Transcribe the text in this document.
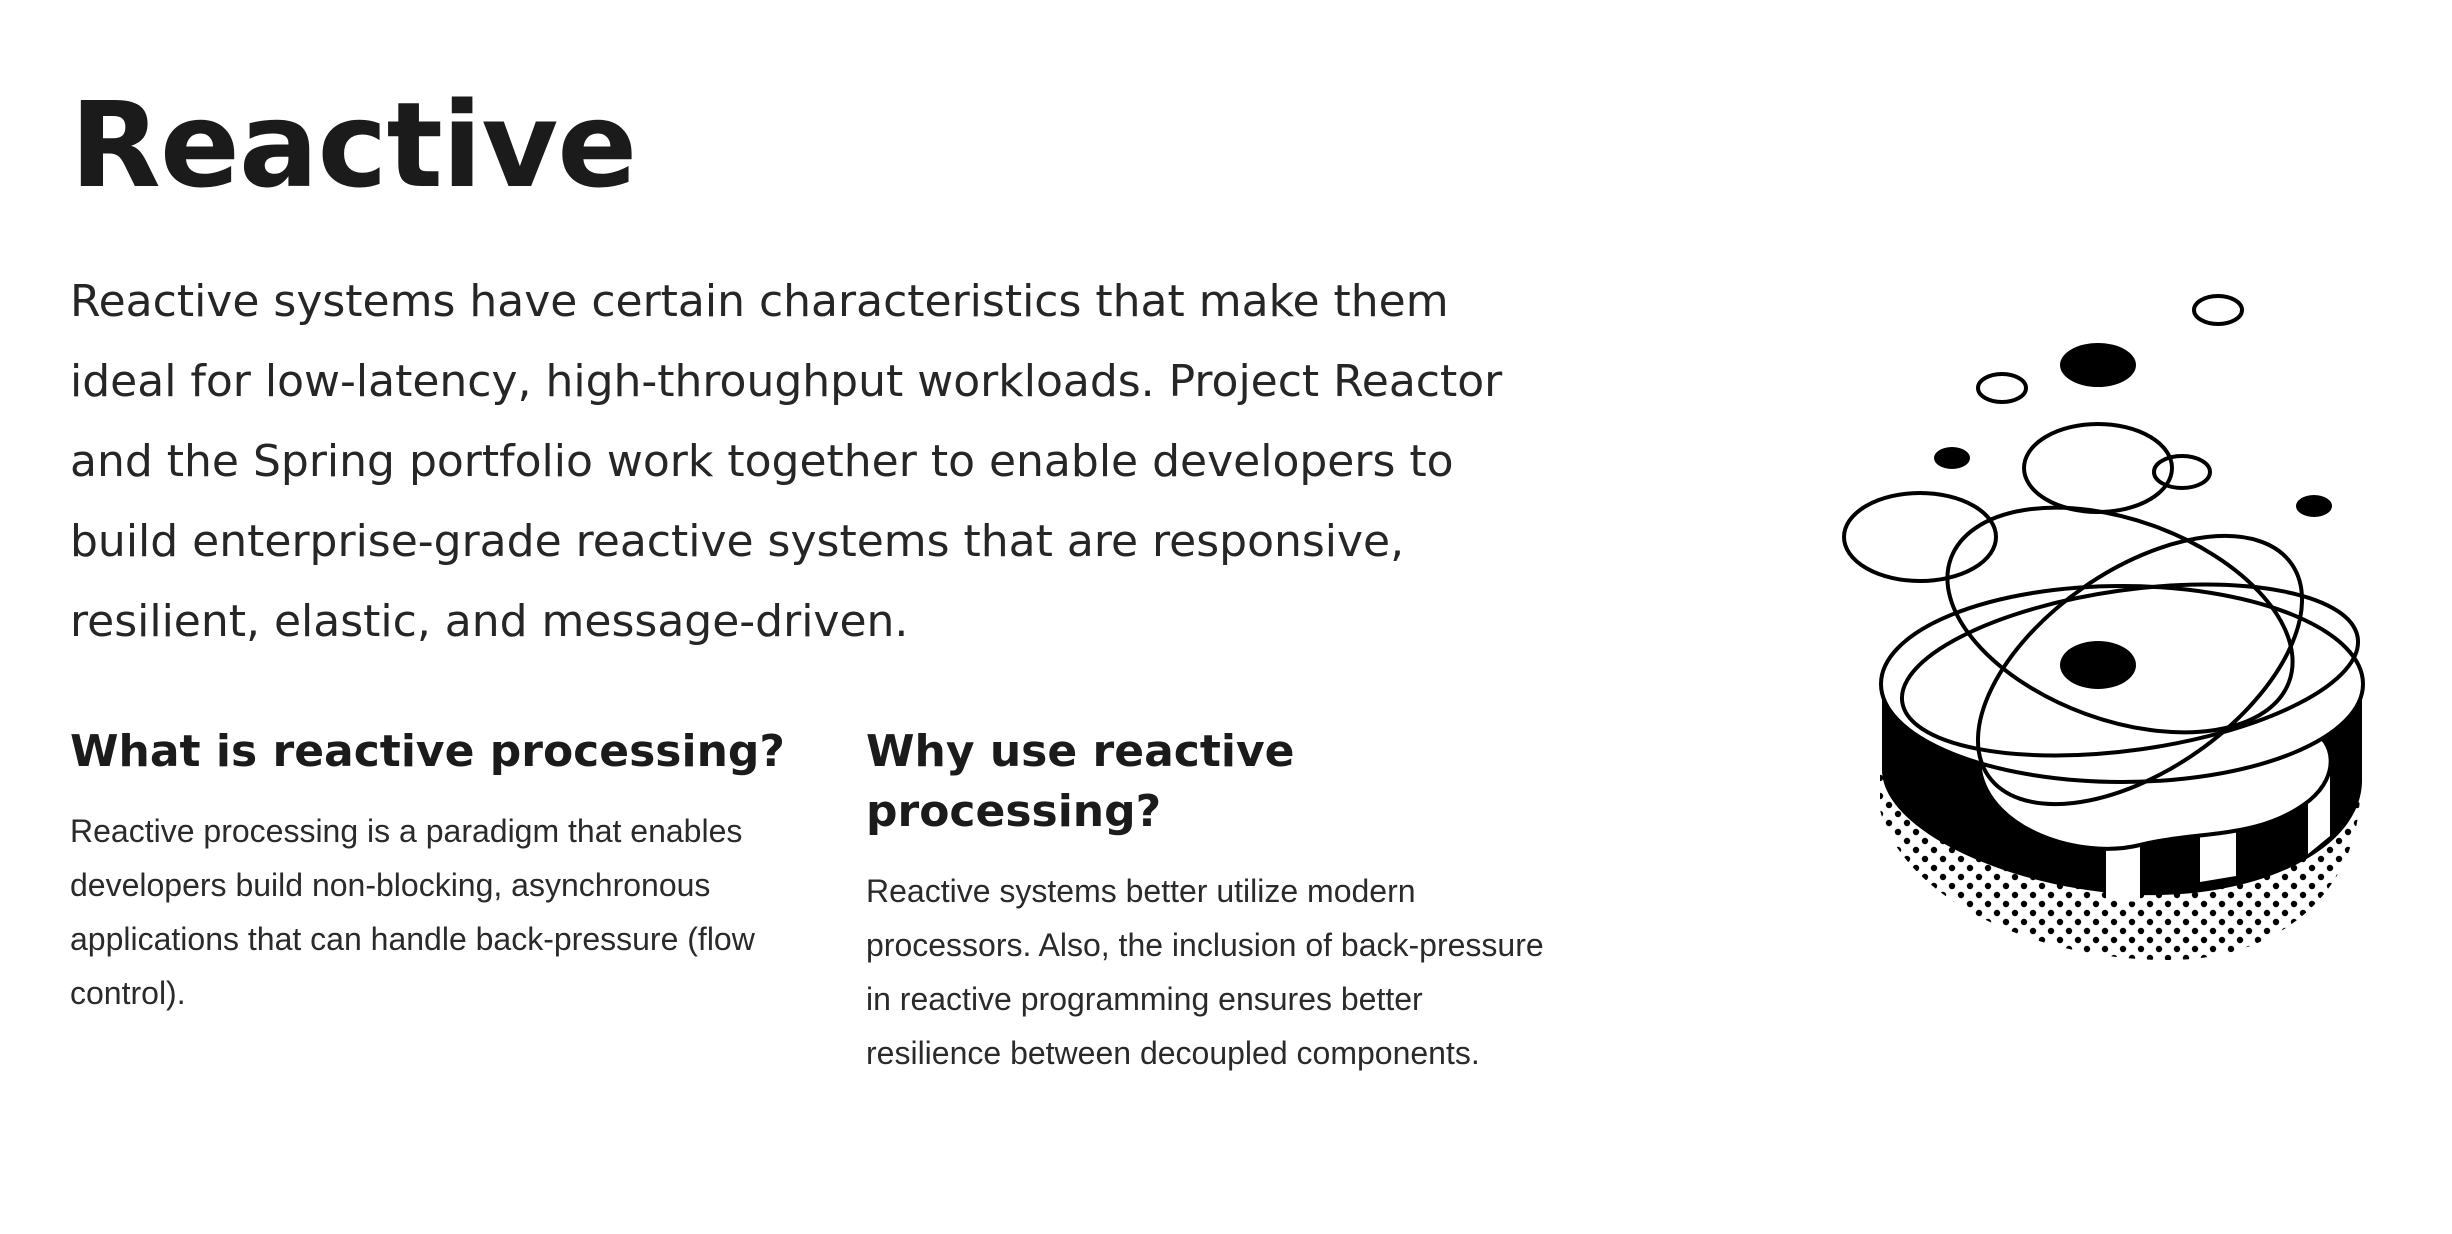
Reactive

Reactive systems have certain characteristics that make them ideal for low-latency, high-throughput workloads. Project Reactor and the Spring portfolio work together to enable developers to build enterprise-grade reactive systems that are responsive, resilient, elastic, and message-driven.

What is reactive processing?

Reactive processing is a paradigm that enables developers build non-blocking, asynchronous applications that can handle back-pressure (flow control).

Why use reactive processing?

Reactive systems better utilize modern processors. Also, the inclusion of back-pressure in reactive programming ensures better resilience between decoupled components.
